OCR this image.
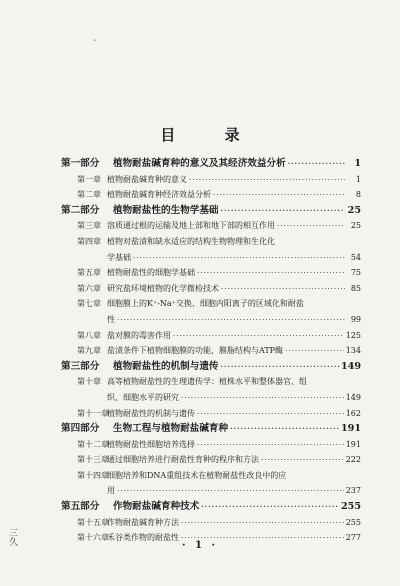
-
目 录
第一部分	植物耐盐碱育种的意义及其经济效益分析 ·····	1
第一章 植物耐盐碱育种的意义 ·····	1
第二章 植物耐盐碱育种经济效益分析 ·····	8
第二部分	植物耐盐性的生物学基础 ·····	25
第三章 溶质通过根的运输及地上部和地下部的相互作用 ·····	25
第四章 植物对盐渍和缺水适应的结构生物物理和生化化
学基础 ·····	54
第五章 植物耐盐性的细胞学基础 ·····	75
第六章 研究盐环境植物的化学微检技术 ·····	85
第七章 细胞膜上的K⁺-Na⁺交换、细胞内阳离子的区域化和耐盐
性 ·····	99
第八章 盐对膜的毒害作用 ·····	125
第九章 盐渍条件下植物细胞膜的功能，膜脂结构与ATP酶 ·····	134
第三部分	植物耐盐性的机制与遗传 ·····	149
第十章 高等植物耐盐性的生理遗传学：植株水平和整体器官、组
织、细胞水平的研究 ·····	149
第十一章
植物耐盐性的机制与遗传 ·····	162
第四部分	生物工程与植物耐盐碱育种 ·····	191
第十二章
植物耐盐性细胞培养选择 ·····	191
第十三章
通过细胞培养进行耐盐性育种的程序和方法 ·····	222
第十四章
细胞培养和DNA重组技术在植物耐盐性改良中的应
用 ·····	237
第五部分	作物耐盐碱育种技术 ·····	255
第十五章
作物耐盐碱育种方法 ·····	255
第十六章
禾谷类作物的耐盐性 ·····	277
三久	· 1 ·
